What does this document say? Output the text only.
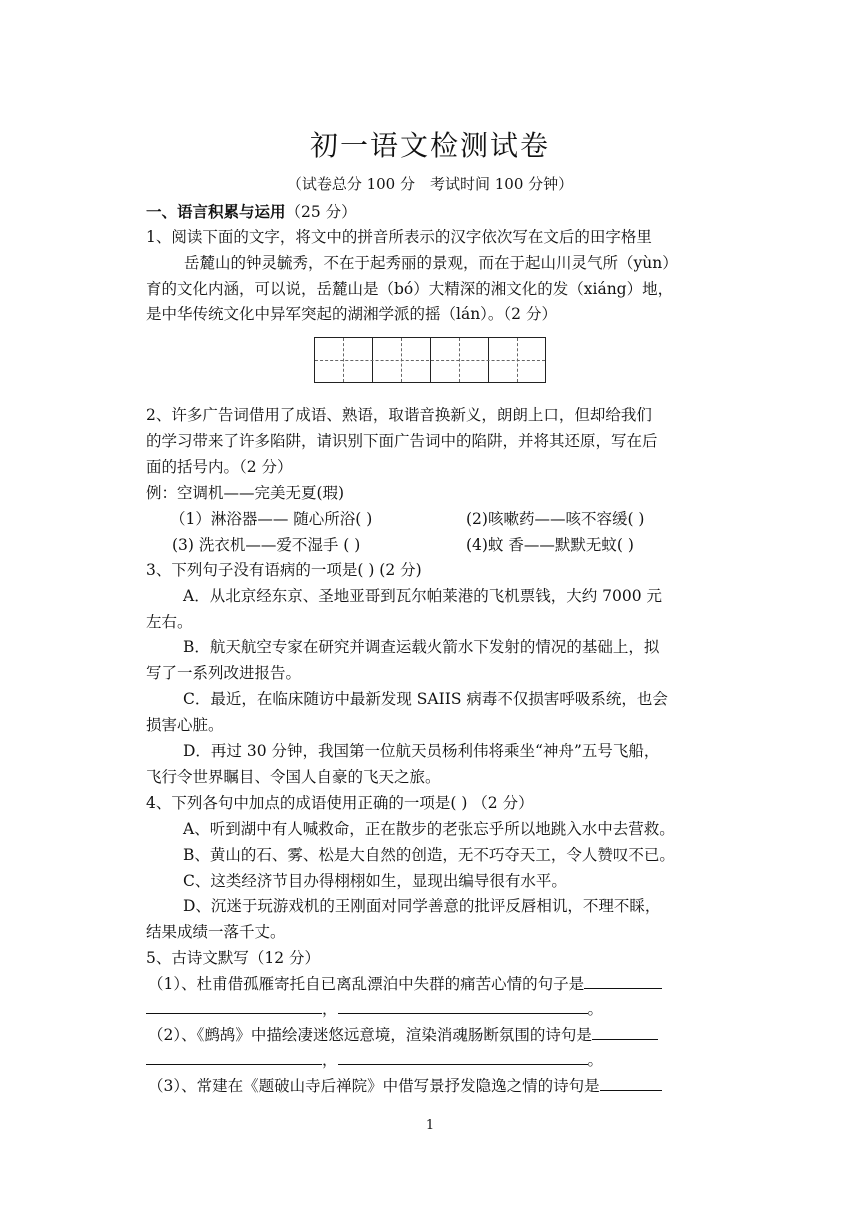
初一语文检测试卷
（试卷总分 100 分　考试时间 100 分钟）
一、语言积累与运用（25 分）
1、阅读下面的文字，将文中的拼音所表示的汉字依次写在文后的田字格里
岳麓山的钟灵毓秀，不在于起秀丽的景观，而在于起山川灵气所（yùn）
育的文化内涵，可以说，岳麓山是（bó）大精深的湘文化的发（xiáng）地，
是中华传统文化中异军突起的湖湘学派的摇（lán）。（2 分）
2、许多广告词借用了成语、熟语，取谐音换新义，朗朗上口，但却给我们
的学习带来了许多陷阱，请识别下面广告词中的陷阱，并将其还原，写在后
面的括号内。（2 分）
例：空调机——完美无夏(瑕)
（1）淋浴器—— 随心所浴( )	(2)咳嗽药——咳不容缓( )
(3) 洗衣机——爱不湿手 ( )	(4)蚊 香——默默无蚊( )
3、下列句子没有语病的一项是( ) (2 分)
A．从北京经东京、圣地亚哥到瓦尔帕莱港的飞机票钱，大约 7000 元
左右。
B．航天航空专家在研究并调查运载火箭水下发射的情况的基础上，拟
写了一系列改进报告。
C．最近，在临床随访中最新发现 SAIIS 病毒不仅损害呼吸系统，也会
损害心脏。
D．再过 30 分钟，我国第一位航天员杨利伟将乘坐“神舟”五号飞船，
飞行令世界瞩目、令国人自豪的飞天之旅。
4、下列各句中加点的成语使用正确的一项是( ) （2 分）
A、听到湖中有人喊救命，正在散步的老张忘乎所以地跳入水中去营救。
B、黄山的石、雾、松是大自然的创造，无不巧夺天工，令人赞叹不已。
C、这类经济节目办得栩栩如生，显现出编导很有水平。
D、沉迷于玩游戏机的王刚面对同学善意的批评反唇相讥，不理不睬，
结果成绩一落千丈。
5、古诗文默写（12 分）
（1）、杜甫借孤雁寄托自已离乱漂泊中失群的痛苦心情的句子是
，	。
（2）、《鹧鸪》中描绘凄迷悠远意境，渲染消魂肠断氛围的诗句是
，	。
（3）、常建在《题破山寺后禅院》中借写景抒发隐逸之情的诗句是
1
